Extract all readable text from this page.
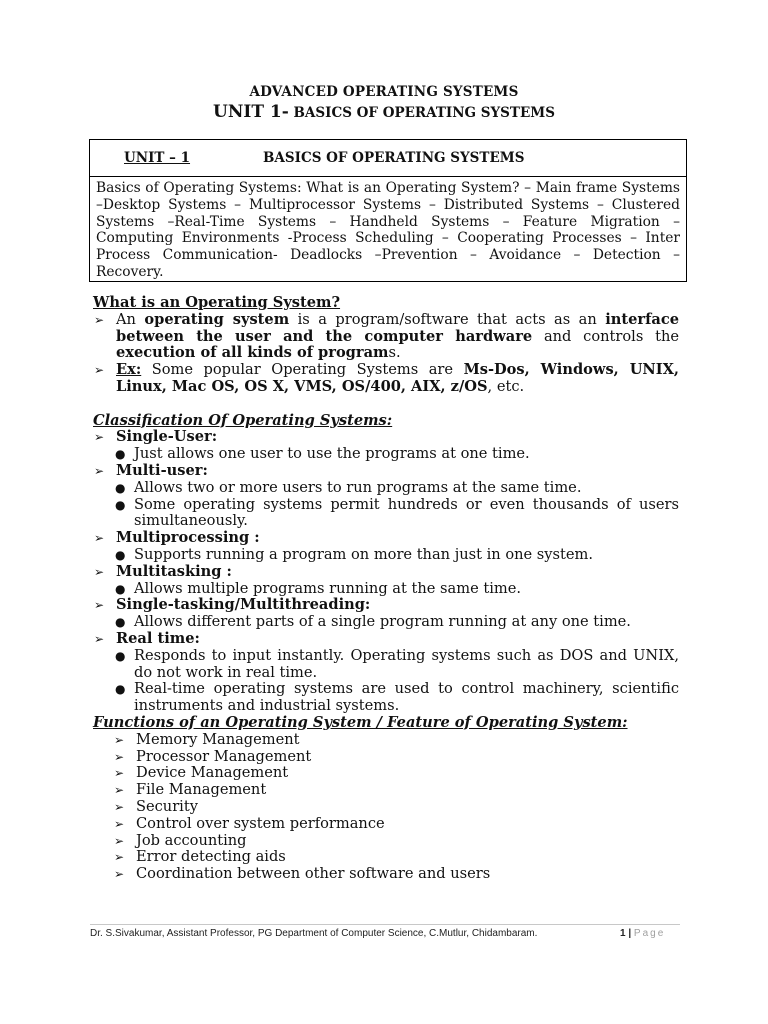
ADVANCED OPERATING SYSTEMS
UNIT 1- BASICS OF OPERATING SYSTEMS
UNIT – 1	BASICS OF OPERATING SYSTEMS
Basics of Operating Systems: What is an Operating System? – Main frame Systems –Desktop Systems – Multiprocessor Systems – Distributed Systems – Clustered Systems –Real-Time Systems – Handheld Systems – Feature Migration – Computing Environments -Process Scheduling – Cooperating Processes – Inter Process Communication- Deadlocks –Prevention – Avoidance – Detection – Recovery.
What is an Operating System?
➢ An operating system is a program/software that acts as an interface between the user and the computer hardware and controls the execution of all kinds of programs.
➢ Ex: Some popular Operating Systems are Ms-Dos, Windows, UNIX, Linux, Mac OS, OS X, VMS, OS/400, AIX, z/OS, etc.
Classification Of Operating Systems:
➢ Single-User:
● Just allows one user to use the programs at one time.
➢ Multi-user:
● Allows two or more users to run programs at the same time.
● Some operating systems permit hundreds or even thousands of users simultaneously.
➢ Multiprocessing :
● Supports running a program on more than just in one system.
➢ Multitasking :
● Allows multiple programs running at the same time.
➢ Single-tasking/Multithreading:
● Allows different parts of a single program running at any one time.
➢ Real time:
● Responds to input instantly. Operating systems such as DOS and UNIX, do not work in real time.
● Real-time operating systems are used to control machinery, scientific instruments and industrial systems.
Functions of an Operating System / Feature of Operating System:
➢ Memory Management
➢ Processor Management
➢ Device Management
➢ File Management
➢ Security
➢ Control over system performance
➢ Job accounting
➢ Error detecting aids
➢ Coordination between other software and users
Dr. S.Sivakumar, Assistant Professor, PG Department of Computer Science, C.Mutlur, Chidambaram.	1 | Page
